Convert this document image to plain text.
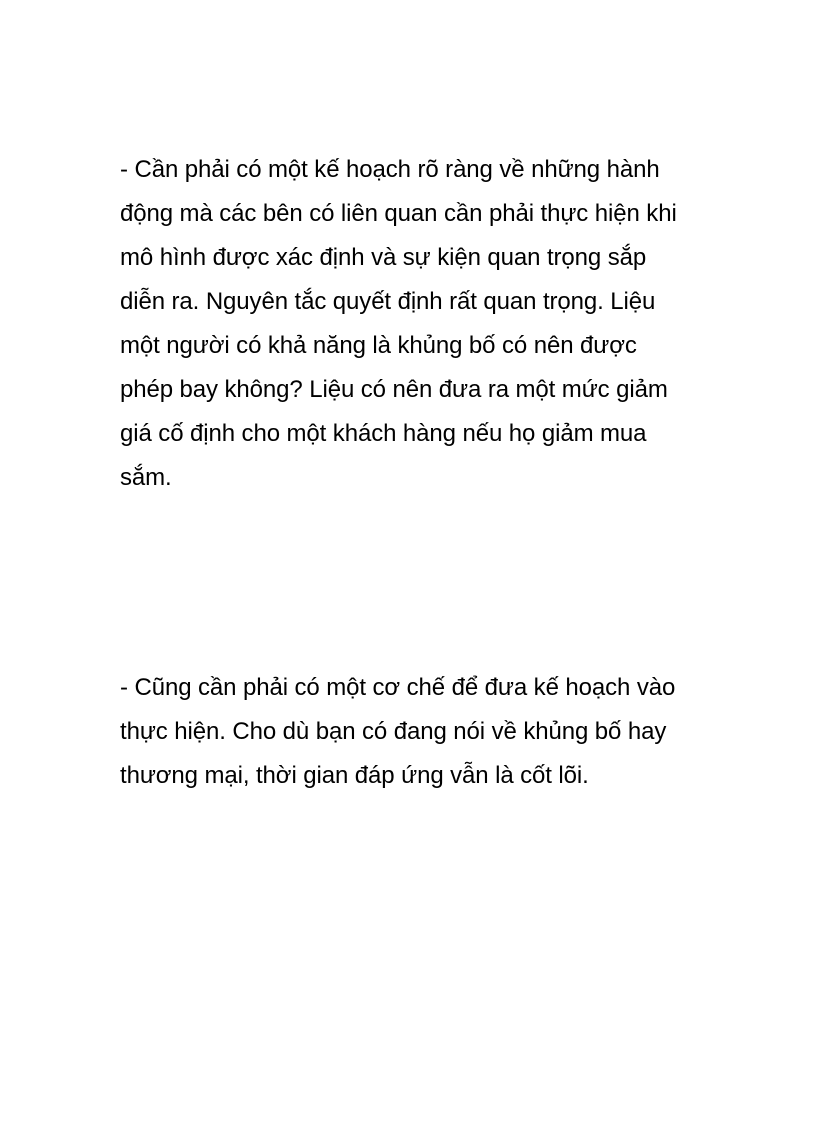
- Cần phải có một kế hoạch rõ ràng về những hành

động mà các bên có liên quan cần phải thực hiện khi

mô hình được xác định và sự kiện quan trọng sắp

diễn ra. Nguyên tắc quyết định rất quan trọng. Liệu

một người có khả năng là khủng bố có nên được

phép bay không? Liệu có nên đưa ra một mức giảm

giá cố định cho một khách hàng nếu họ giảm mua

sắm.

- Cũng cần phải có một cơ chế để đưa kế hoạch vào

thực hiện. Cho dù bạn có đang nói về khủng bố hay

thương mại, thời gian đáp ứng vẫn là cốt lõi.
